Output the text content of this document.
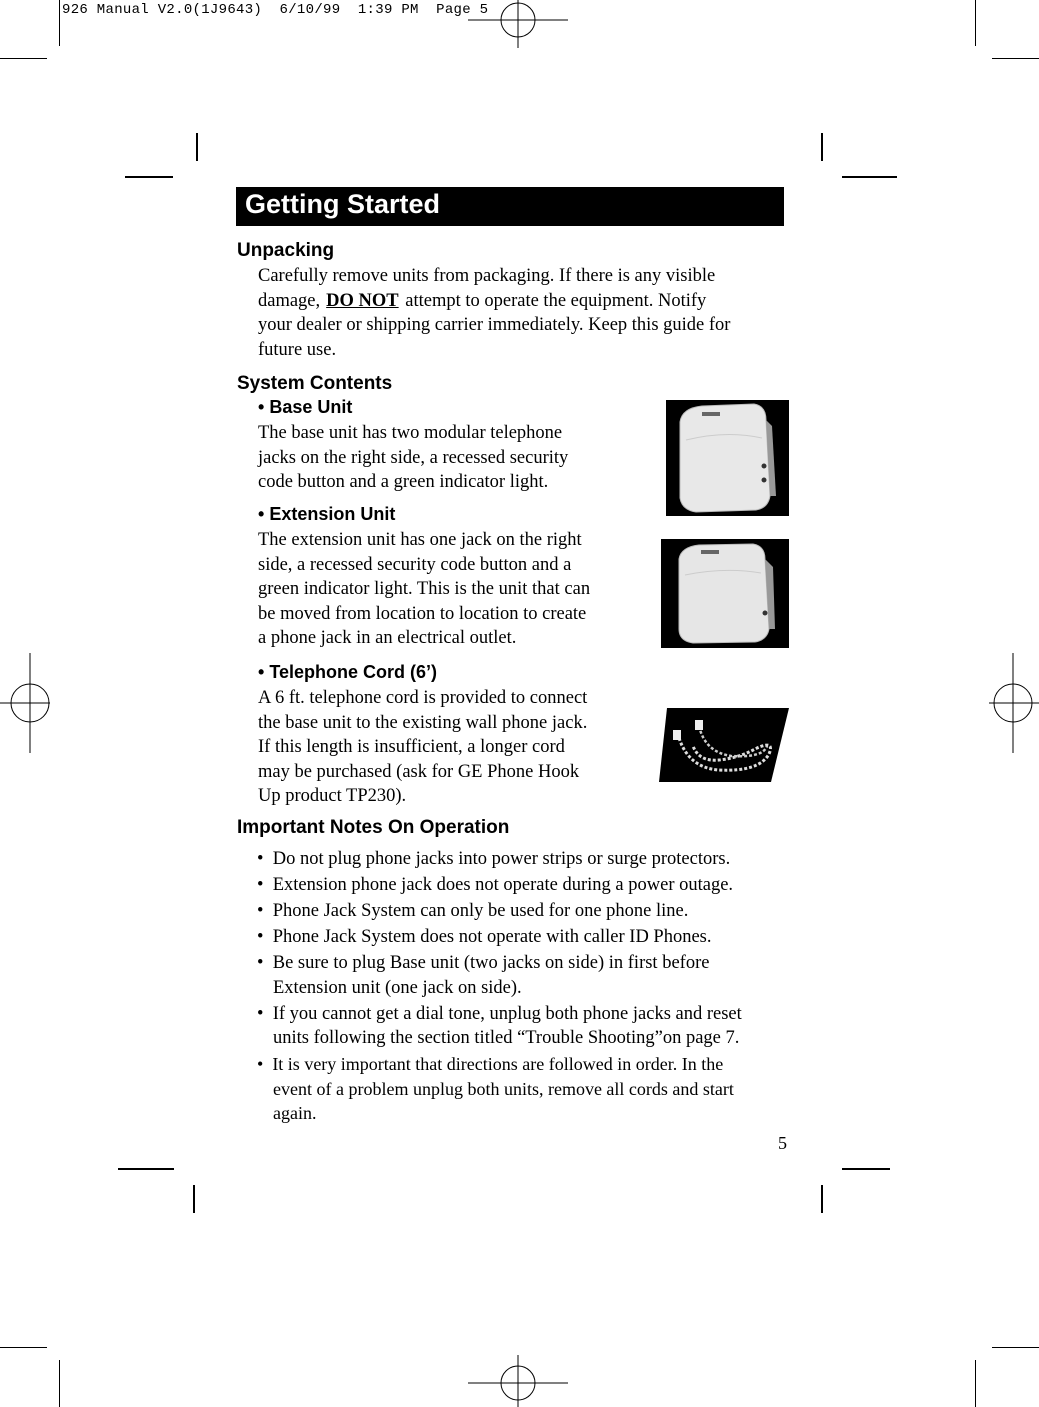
926 Manual V2.0(1J9643)  6/10/99  1:39 PM  Page 5
Getting Started
Unpacking
Carefully remove units from packaging. If there is any visible
damage, DO NOT attempt to operate the equipment. Notify
your dealer or shipping carrier immediately. Keep this guide for
future use.
System Contents
• Base Unit
The base unit has two modular telephone
jacks on the right side, a recessed security
code button and a green indicator light.
• Extension Unit
The extension unit has one jack on the right
side, a recessed security code button and a
green indicator light. This is the unit that can
be moved from location to location to create
a phone jack in an electrical outlet.
• Telephone Cord (6’)
A 6 ft. telephone cord is provided to connect
the base unit to the existing wall phone jack.
If this length is insufficient, a longer cord
may be purchased (ask for GE Phone Hook
Up product TP230).
Important Notes On Operation
• Do not plug phone jacks into power strips or surge protectors.
• Extension phone jack does not operate during a power outage.
• Phone Jack System can only be used for one phone line.
• Phone Jack System does not operate with caller ID Phones.
• Be sure to plug Base unit (two jacks on side) in first before
Extension unit (one jack on side).
• If you cannot get a dial tone, unplug both phone jacks and reset
units following the section titled “Trouble Shooting”on page 7.
• It is very important that directions are followed in order. In the
event of a problem unplug both units, remove all cords and start
again.
5
